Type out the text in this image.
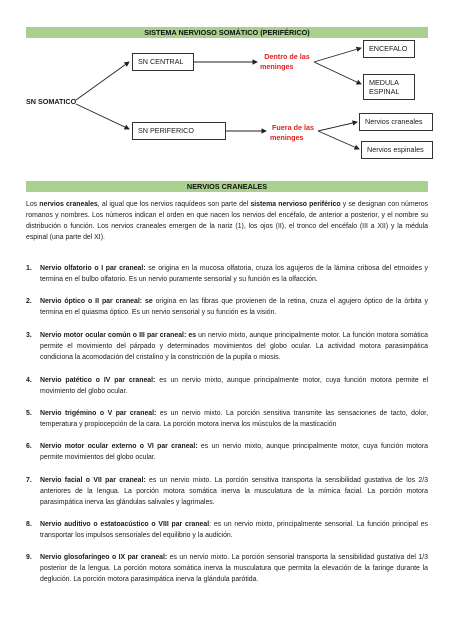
SISTEMA NERVIOSO SOMÁTICO (PERIFÉRICO)
SN SOMATICO
SN CENTRAL
SN PERIFERICO
Dentro de las
meninges
Fuera de las
meninges
ENCEFALO
MEDULA
ESPINAL
Nervios craneales
Nervios espinales
NERVIOS CRANEALES

Los nervios craneales, al igual que los nervios raquídeos son parte del sistema nervioso periférico y se designan con números romanos y nombres. Los números indican el orden en que nacen los nervios del encéfalo, de anterior a posterior, y el nombre su distribución o función. Los nervios craneales emergen de la nariz (1), los ojos (II), el tronco del encéfalo (III a XII) y la médula espinal (una parte del XI).

1. Nervio olfatorio o I par craneal: se origina en la mucosa olfatoria, cruza los agujeros de la lámina cribosa del etmoides y termina en el bulbo olfatorio. Es un nervio puramente sensorial y su función es la olfacción.
2. Nervio óptico o II par craneal: se origina en las fibras que provienen de la retina, cruza el agujero óptico de la órbita y termina en el quiasma óptico. Es un nervio sensorial y su función es la visión.
3. Nervio motor ocular común o III par craneal: es un nervio mixto, aunque principalmente motor. La función motora somática permite el movimiento del párpado y determinados movimientos del globo ocular. La actividad motora parasimpática condiciona la acomodación del cristalino y la constricción de la pupila o miosis.
4. Nervio patético o IV par craneal: es un nervio mixto, aunque principalmente motor, cuya función motora permite el movimiento del globo ocular.
5. Nervio trigémino o V par craneal: es un nervio mixto. La porción sensitiva transmite las sensaciones de tacto, dolor, temperatura y propiocepción de la cara. La porción motora inerva los músculos de la masticación
6. Nervio motor ocular externo o VI par craneal: es un nervio mixto, aunque principalmente motor, cuya función motora permite movimientos del globo ocular.
7. Nervio facial o VII par craneal: es un nervio mixto. La porción sensitiva transporta la sensibilidad gustativa de los 2/3 anteriores de la lengua. La porción motora somática inerva la musculatura de la mímica facial. La porción motora parasimpática inerva las glándulas salivales y lagrimales.
8. Nervio auditivo o estatoacústico o VIII par craneal: es un nervio mixto, principalmente sensorial. La función principal es transportar los impulsos sensoriales del equilibrio y la audición.
9. Nervio glosofaríngeo o IX par craneal: es un nervio mixto. La porción sensorial transporta la sensibilidad gustativa del 1/3 posterior de la lengua. La porción motora somática inerva la musculatura que permita la elevación de la faringe durante la deglución. La porción motora parasimpática inerva la glándula parótida.
